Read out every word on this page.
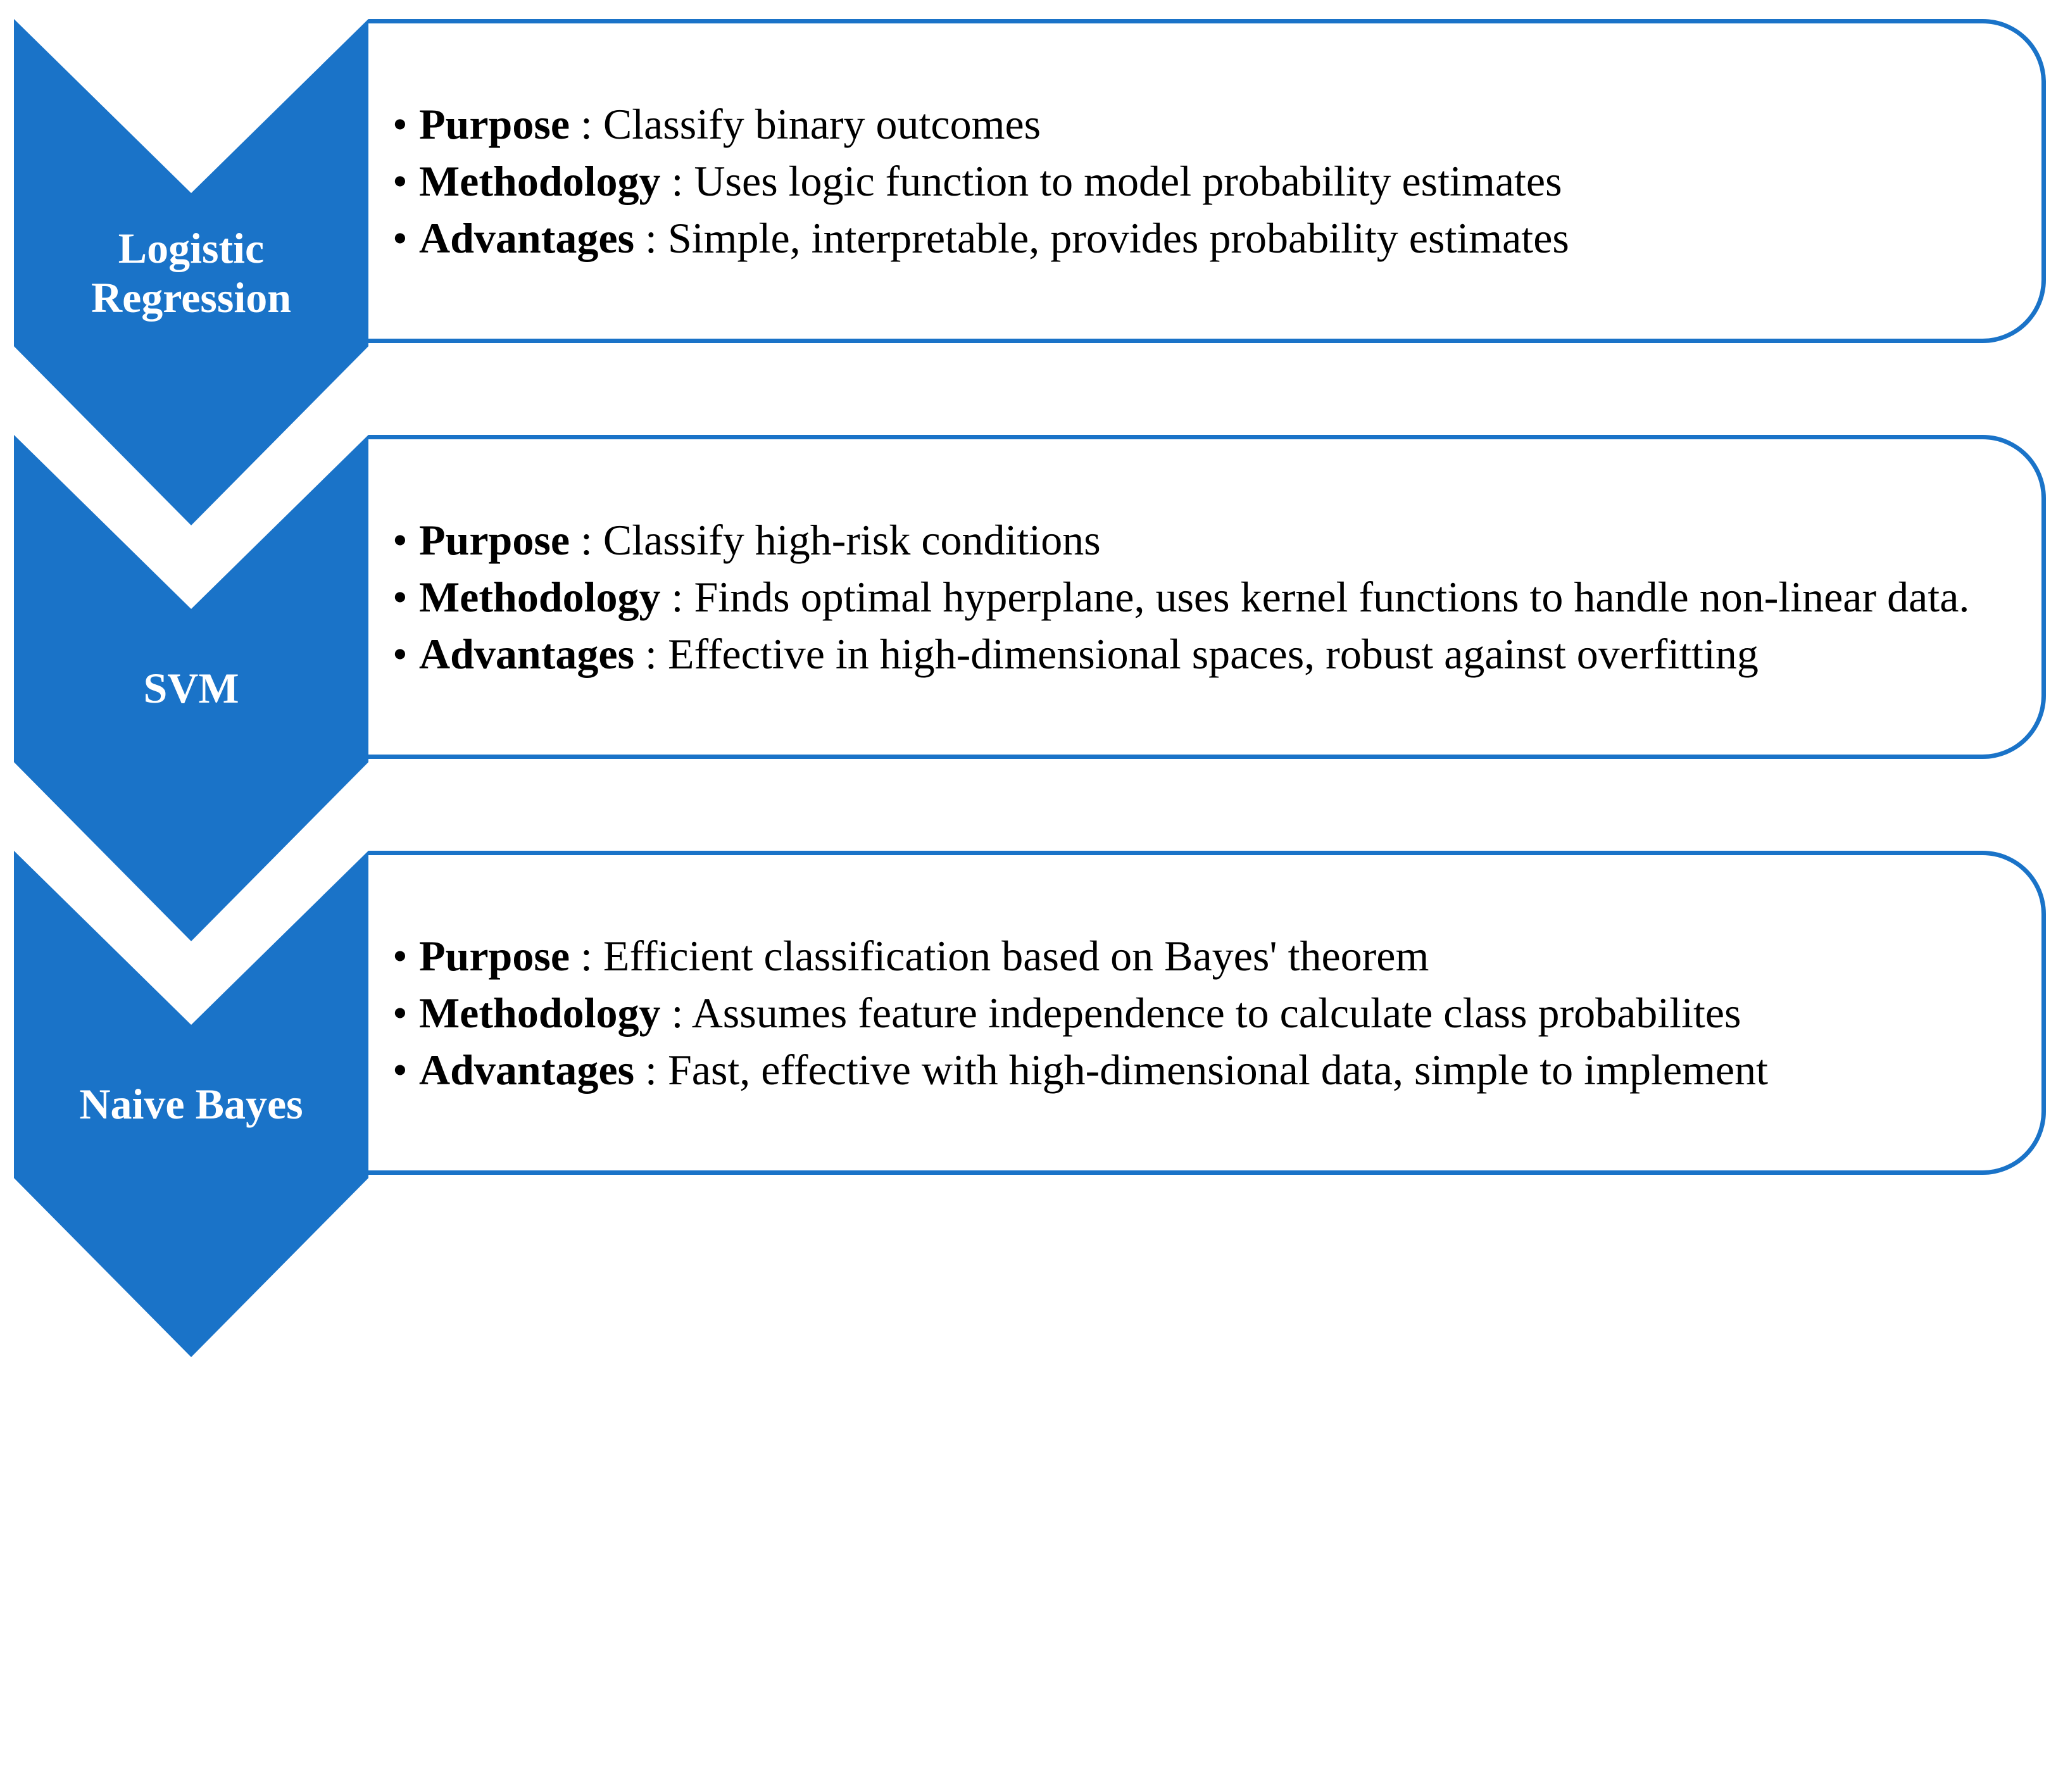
Logistic
Regression
SVM
Naive Bayes
• Purpose : Classify binary outcomes
• Methodology : Uses logic function to model probability estimates
• Advantages : Simple, interpretable, provides probability estimates
• Purpose : Classify high-risk conditions
• Methodology : Finds optimal hyperplane, uses kernel functions to handle non-linear data.
• Advantages : Effective in high-dimensional spaces, robust against overfitting
• Purpose : Efficient classification based on Bayes' theorem
• Methodology : Assumes feature independence to calculate class probabilites
• Advantages : Fast, effective with high-dimensional data, simple to implement
